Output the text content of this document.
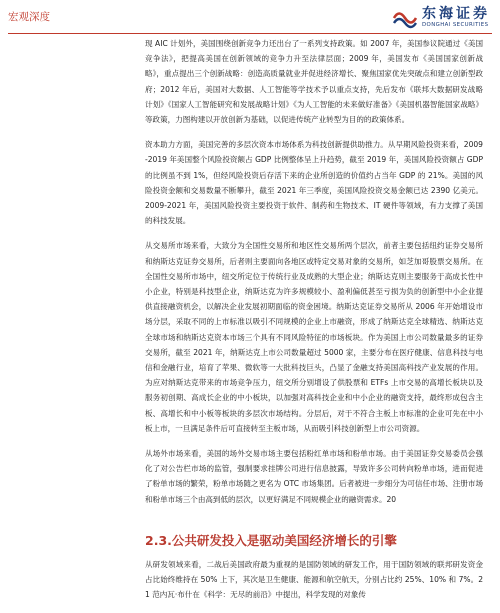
宏观深度	东海证券
DONGHAI SECURITIES

现 AIC 计划外，美国围绕创新竞争力还出台了一系列支持政策。如 2007 年，美国参议院通过《美国竞争法》，把提高美国在创新领域的竞争力升至法律层面；2009 年，美国发布《美国国家创新战略》，重点提出三个创新战略：创造高质量就业并促进经济增长、聚焦国家优先突破点和建立创新型政府；2012 年后，美国对大数据、人工智能等学技术予以重点支持，先后发布《联邦大数据研发战略计划》《国家人工智能研究和发展战略计划》《为人工智能的未来做好准备》《美国机器智能国家战略》等政策，力图构建以开放创新为基础，以促进传统产业转型为目的的政策体系。

资本助力方面，美国完善的多层次资本市场体系为科技创新提供助推力。从早期风险投资来看，2009-2019 年美国整个风险投资额占 GDP 比例整体呈上升趋势，截至 2019 年，美国风险投资额占 GDP 的比例虽不到 1%，但经风险投资后存活下来的企业所创造的价值约占当年 GDP 的 21%。美国的风险投资金额和交易数量不断攀升，截至 2021 年三季度，美国风险投资交易金额已达 2390 亿美元。2009-2021 年，美国风险投资主要投资于软件、制药和生物技术、IT 硬件等领域，有力支撑了美国的科技发展。

从交易所市场来看，大致分为全国性交易所和地区性交易所两个层次，前者主要包括纽约证券交易所和纳斯达克证券交易所，后者则主要面向各地区或特定交易对象的交易所，如芝加哥股票交易所。在全国性交易所市场中，纽交所定位于传统行业及成熟的大型企业；纳斯达克则主要服务于高成长性中小企业，特别是科技型企业，纳斯达克为许多规模较小、盈利偏低甚至亏损为负的创新型中小企业提供直接融资机会，以解决企业发展初期面临的资金困境。纳斯达克证券交易所从 2006 年开始增设市场分层，采取不同的上市标准以吸引不同规模的企业上市融资，形成了纳斯达克全球精选、纳斯达克全球市场和纳斯达克资本市场三个具有不同风险特征的市场板块。作为美国上市公司数量最多的证券交易所，截至 2021 年，纳斯达克上市公司数量超过 5000 家，主要分布在医疗健康、信息科技与电信和金融行业，培育了苹果、微软等一大批科技巨头，凸显了金融支持美国高科技产业发展的作用。为应对纳斯达克带来的市场竞争压力，纽交所分别增设了供股票和 ETFs 上市交易的高增长板块以及服务初创期、高成长企业的中小板块，以加强对高科技企业和中小企业的融资支持，最终形成包含主板、高增长和中小板等板块的多层次市场结构。分层后，对于不符合主板上市标准的企业可先在中小板上市，一旦满足条件后可直接转至主板市场，从而吸引科技创新型上市公司资源。

从场外市场来看，美国的场外交易市场主要包括粉红单市场和粉单市场。由于美国证券交易委员会强化了对公告栏市场的监管，强制要求挂牌公司进行信息披露，导致许多公司转向粉单市场，进而促进了粉单市场的繁荣，粉单市场随之更名为 OTC 市场集团。后者被进一步细分为可信任市场、注册市场和粉单市场三个由高到低的层次，以更好满足不同规模企业的融资需求。20

2.3.公共研发投入是驱动美国经济增长的引擎

从研发领域来看，二战后美国政府最为重视的是国防领域的研发工作，用于国防领域的联邦研发资金占比始终维持在 50% 上下，其次是卫生健康、能源和航空航天，分别占比约 25%、10% 和 7%。21 范内瓦·布什在《科学：无尽的前沿》中提出，科学发现的对象传
